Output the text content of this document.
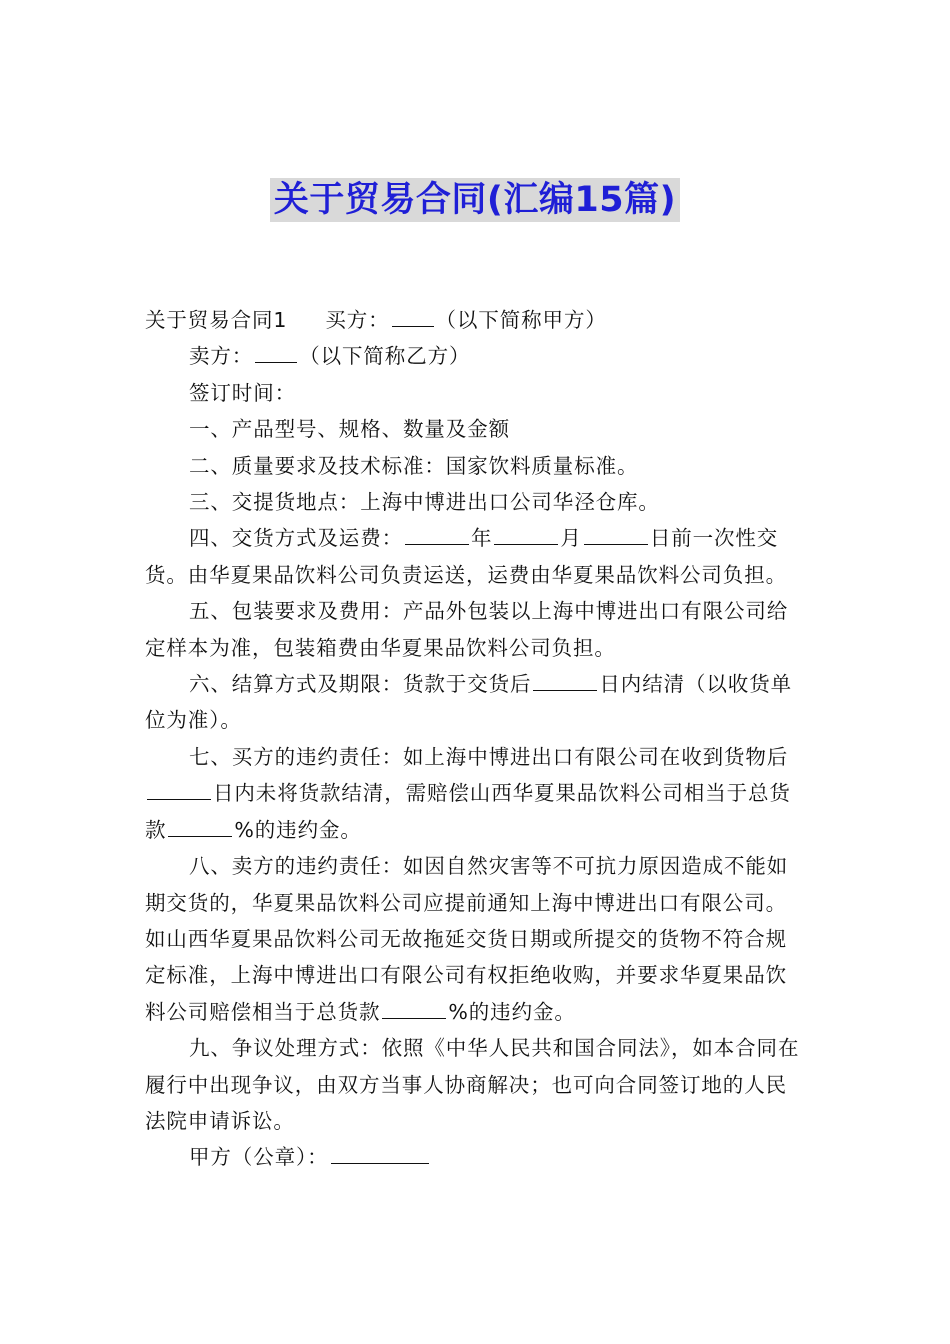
关于贸易合同(汇编15篇)

关于贸易合同1 买方： （以下简称甲方）

卖方： （以下简称乙方）

签订时间：

一、产品型号、规格、数量及金额

二、质量要求及技术标准：国家饮料质量标准。

三、交提货地点：上海中博进出口公司华泾仓库。

四、交货方式及运费：	年	月	日前一次性交货。由华夏果品饮料公司负责运送，运费由华夏果品饮料公司负担。

五、包装要求及费用：产品外包装以上海中博进出口有限公司给定样本为准，包装箱费由华夏果品饮料公司负担。

六、结算方式及期限：货款于交货后	日内结清（以收货单位为准）。

七、买方的违约责任：如上海中博进出口有限公司在收到货物后日内未将货款结清，需赔偿山西华夏果品饮料公司相当于总货款	%的违约金。

八、卖方的违约责任：如因自然灾害等不可抗力原因造成不能如期交货的，华夏果品饮料公司应提前通知上海中博进出口有限公司。如山西华夏果品饮料公司无故拖延交货日期或所提交的货物不符合规定标准，上海中博进出口有限公司有权拒绝收购，并要求华夏果品饮料公司赔偿相当于总货款	%的违约金。

九、争议处理方式：依照《中华人民共和国合同法》，如本合同在履行中出现争议，由双方当事人协商解决；也可向合同签订地的人民法院申请诉讼。

甲方（公章）：
